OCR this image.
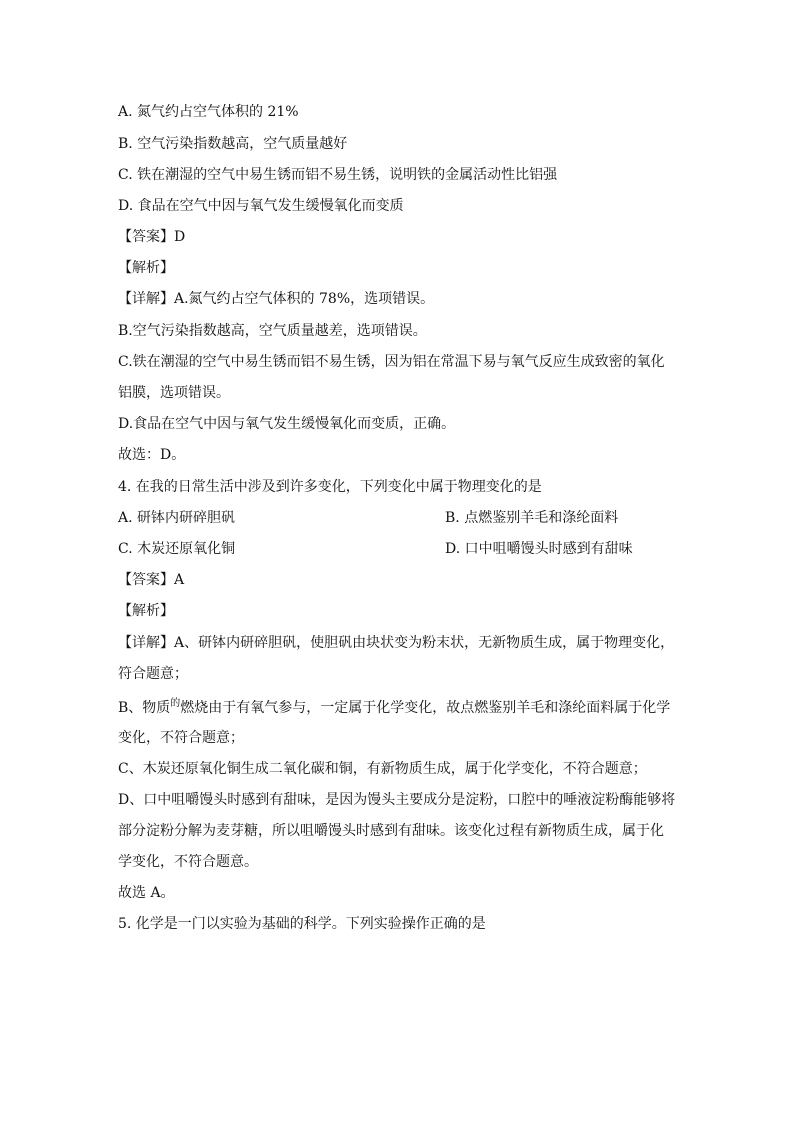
A. 氮气约占空气体积的 21%
B. 空气污染指数越高，空气质量越好
C. 铁在潮湿的空气中易生锈而铝不易生锈，说明铁的金属活动性比铝强
D. 食品在空气中因与氧气发生缓慢氧化而变质
【答案】D
【解析】
【详解】A.氮气约占空气体积的 78%，选项错误。
B.空气污染指数越高，空气质量越差，选项错误。
C.铁在潮湿的空气中易生锈而铝不易生锈，因为铝在常温下易与氧气反应生成致密的氧化
铝膜，选项错误。
D.食品在空气中因与氧气发生缓慢氧化而变质，正确。
故选：D。
4. 在我的日常生活中涉及到许多变化，下列变化中属于物理变化的是
A. 研钵内研碎胆矾	B. 点燃鉴别羊毛和涤纶面料
C. 木炭还原氧化铜	D. 口中咀嚼馒头时感到有甜味
【答案】A
【解析】
【详解】A、研钵内研碎胆矾，使胆矾由块状变为粉末状，无新物质生成，属于物理变化，
符合题意；
B、物质$^的$燃烧由于有氧气参与，一定属于化学变化，故点燃鉴别羊毛和涤纶面料属于化学
变化，不符合题意；
C、木炭还原氧化铜生成二氧化碳和铜，有新物质生成，属于化学变化，不符合题意；
D、口中咀嚼馒头时感到有甜味，是因为馒头主要成分是淀粉，口腔中的唾液淀粉酶能够将
部分淀粉分解为麦芽糖，所以咀嚼馒头时感到有甜味。该变化过程有新物质生成，属于化
学变化，不符合题意。
故选 A。
5. 化学是一门以实验为基础的科学。下列实验操作正确的是
